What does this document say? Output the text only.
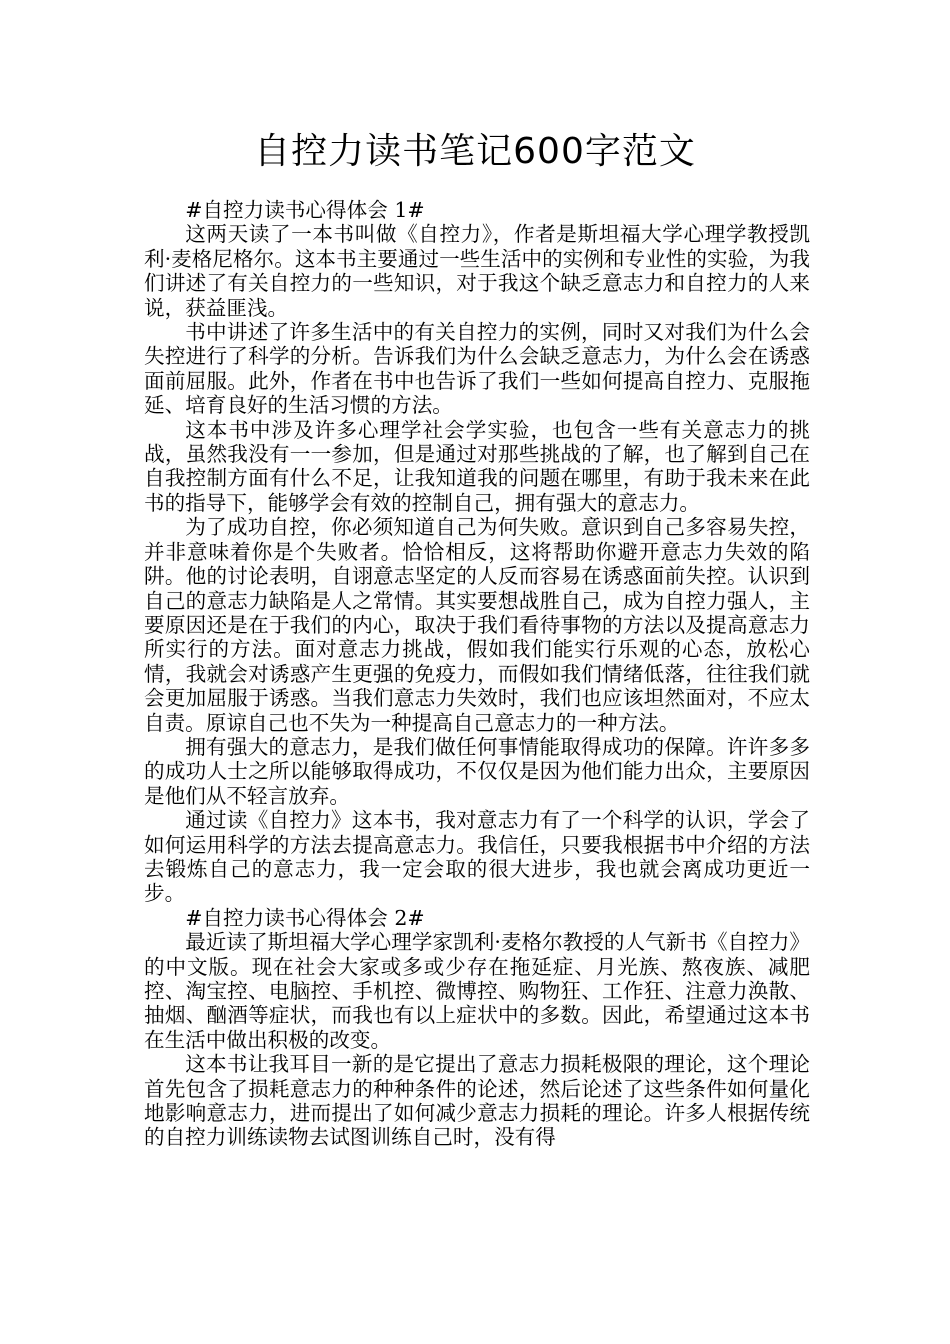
自控力读书笔记600字范文

#自控力读书心得体会 1#

这两天读了一本书叫做《自控力》，作者是斯坦福大学心理学教授凯利·麦格尼格尔。这本书主要通过一些生活中的实例和专业性的实验，为我们讲述了有关自控力的一些知识，对于我这个缺乏意志力和自控力的人来说，获益匪浅。

书中讲述了许多生活中的有关自控力的实例，同时又对我们为什么会失控进行了科学的分析。告诉我们为什么会缺乏意志力，为什么会在诱惑面前屈服。此外，作者在书中也告诉了我们一些如何提高自控力、克服拖延、培育良好的生活习惯的方法。

这本书中涉及许多心理学社会学实验，也包含一些有关意志力的挑战，虽然我没有一一参加，但是通过对那些挑战的了解，也了解到自己在自我控制方面有什么不足，让我知道我的问题在哪里，有助于我未来在此书的指导下，能够学会有效的控制自己，拥有强大的意志力。

为了成功自控，你必须知道自己为何失败。意识到自己多容易失控，并非意味着你是个失败者。恰恰相反，这将帮助你避开意志力失效的陷阱。他的讨论表明，自诩意志坚定的人反而容易在诱惑面前失控。认识到自己的意志力缺陷是人之常情。其实要想战胜自己，成为自控力强人，主要原因还是在于我们的内心，取决于我们看待事物的方法以及提高意志力所实行的方法。面对意志力挑战，假如我们能实行乐观的心态，放松心情，我就会对诱惑产生更强的免疫力，而假如我们情绪低落，往往我们就会更加屈服于诱惑。当我们意志力失效时，我们也应该坦然面对，不应太自责。原谅自己也不失为一种提高自己意志力的一种方法。

拥有强大的意志力，是我们做任何事情能取得成功的保障。许许多多的成功人士之所以能够取得成功，不仅仅是因为他们能力出众，主要原因是他们从不轻言放弃。

通过读《自控力》这本书，我对意志力有了一个科学的认识，学会了如何运用科学的方法去提高意志力。我信任，只要我根据书中介绍的方法去锻炼自己的意志力，我一定会取的很大进步，我也就会离成功更近一步。

#自控力读书心得体会 2#

最近读了斯坦福大学心理学家凯利·麦格尔教授的人气新书《自控力》的中文版。现在社会大家或多或少存在拖延症、月光族、熬夜族、减肥控、淘宝控、电脑控、手机控、微博控、购物狂、工作狂、注意力涣散、抽烟、酗酒等症状，而我也有以上症状中的多数。因此，希望通过这本书在生活中做出积极的改变。

这本书让我耳目一新的是它提出了意志力损耗极限的理论，这个理论首先包含了损耗意志力的种种条件的论述，然后论述了这些条件如何量化地影响意志力，进而提出了如何减少意志力损耗的理论。许多人根据传统的自控力训练读物去试图训练自己时，没有得
